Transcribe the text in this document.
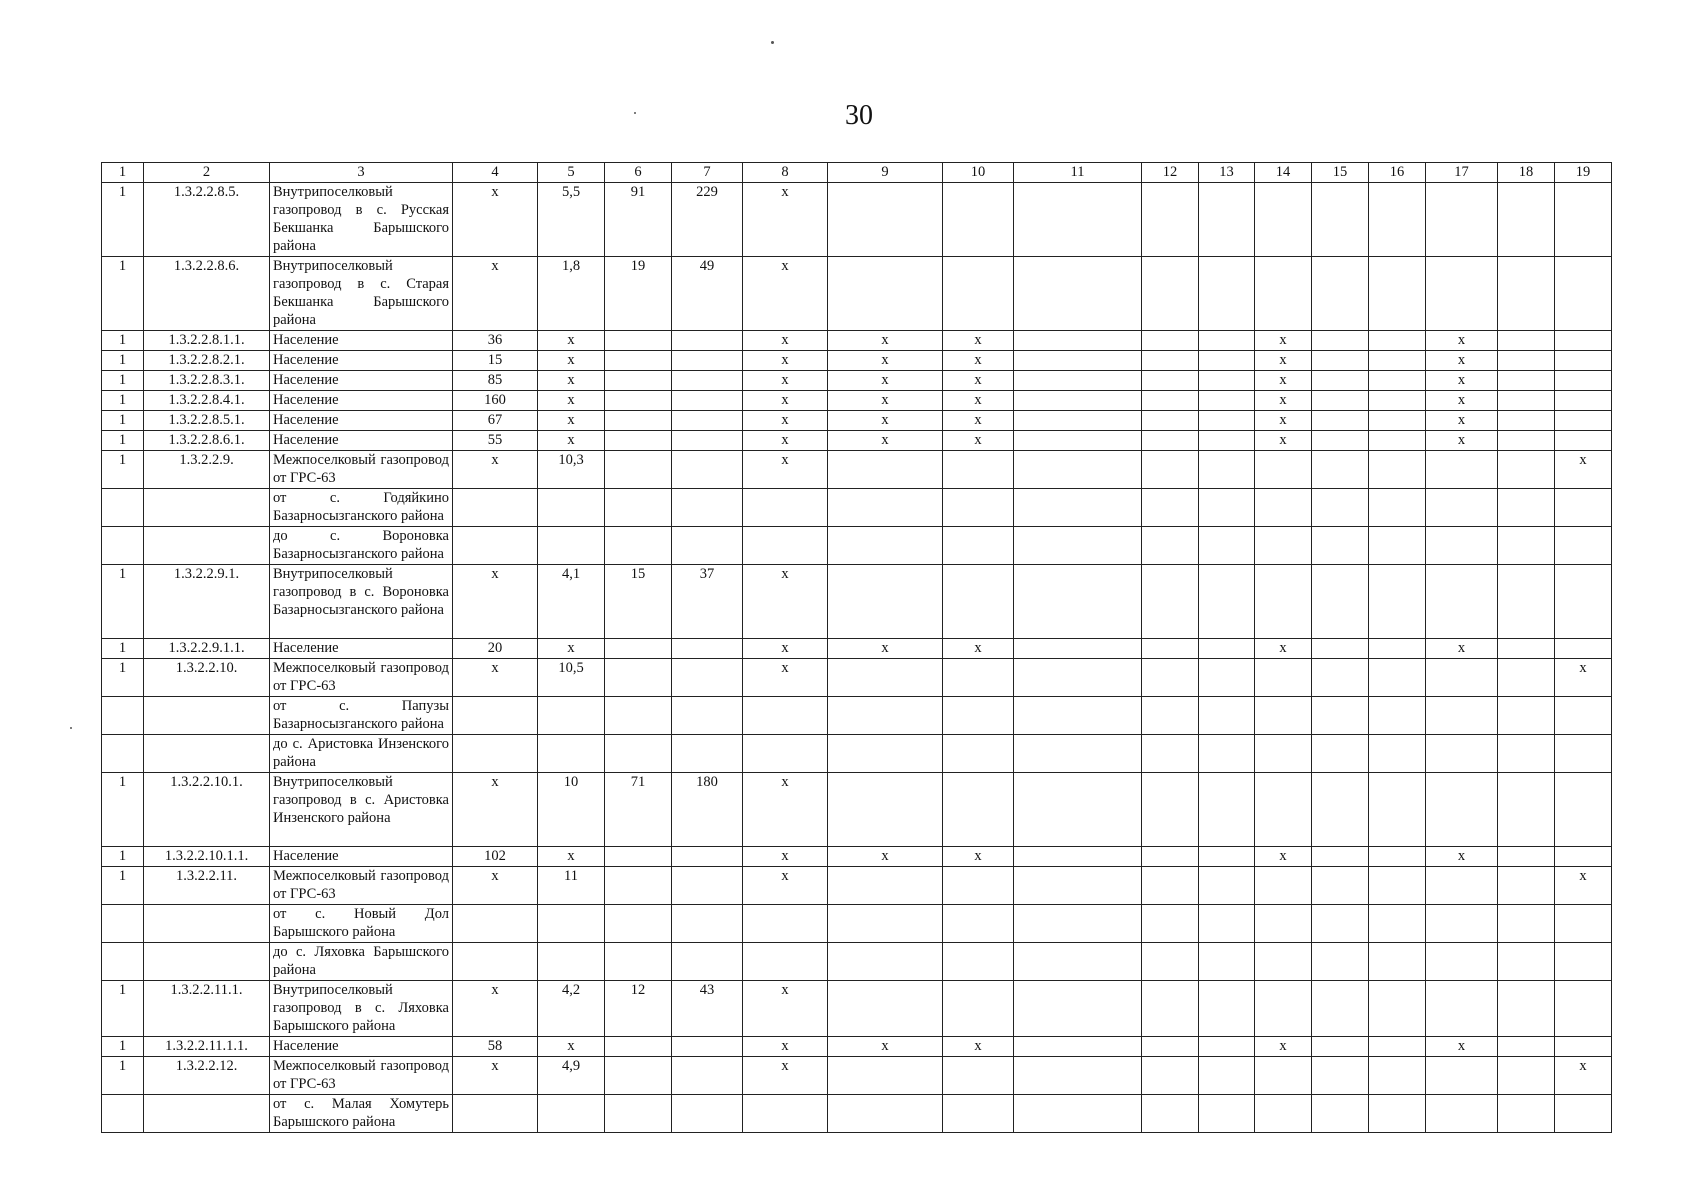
30
1	2	3	4	5	6	7	8	9	10	11	12	13	14	15	16	17	18	19
1	1.3.2.2.8.5.	Внутрипоселковый газопровод в с. Русская Бекшанка Барышского района	x	5,5	91	229	x											
1	1.3.2.2.8.6.	Внутрипоселковый газопровод в с. Старая Бекшанка Барышского района	x	1,8	19	49	x											
1	1.3.2.2.8.1.1.	Население	36	x			x	x	x				x			x		
1	1.3.2.2.8.2.1.	Население	15	x			x	x	x				x			x		
1	1.3.2.2.8.3.1.	Население	85	x			x	x	x				x			x		
1	1.3.2.2.8.4.1.	Население	160	x			x	x	x				x			x		
1	1.3.2.2.8.5.1.	Население	67	x			x	x	x				x			x		
1	1.3.2.2.8.6.1.	Население	55	x			x	x	x				x			x		
1	1.3.2.2.9.	Межпоселковый газопровод от ГРС-63	x	10,3			x											x
		от с. Годяйкино Базарносызганского района																
		до с. Вороновка Базарносызганского района																
1	1.3.2.2.9.1.	Внутрипоселковый газопровод в с. Вороновка Базарносызганского района	x	4,1	15	37	x											
1	1.3.2.2.9.1.1.	Население	20	x			x	x	x				x			x		
1	1.3.2.2.10.	Межпоселковый газопровод от ГРС-63	x	10,5			x											x
		от с. Папузы Базарносызганского района																
		до с. Аристовка Инзенского района																
1	1.3.2.2.10.1.	Внутрипоселковый газопровод в с. Аристовка Инзенского района	x	10	71	180	x											
1	1.3.2.2.10.1.1.	Население	102	x			x	x	x				x			x		
1	1.3.2.2.11.	Межпоселковый газопровод от ГРС-63	x	11			x											x
		от с. Новый Дол Барышского района																
		до с. Ляховка Барышского района																
1	1.3.2.2.11.1.	Внутрипоселковый газопровод в с. Ляховка Барышского района	x	4,2	12	43	x											
1	1.3.2.2.11.1.1.	Население	58	x			x	x	x				x			x		
1	1.3.2.2.12.	Межпоселковый газопровод от ГРС-63	x	4,9			x											x
		от с. Малая Хомутерь Барышского района																
